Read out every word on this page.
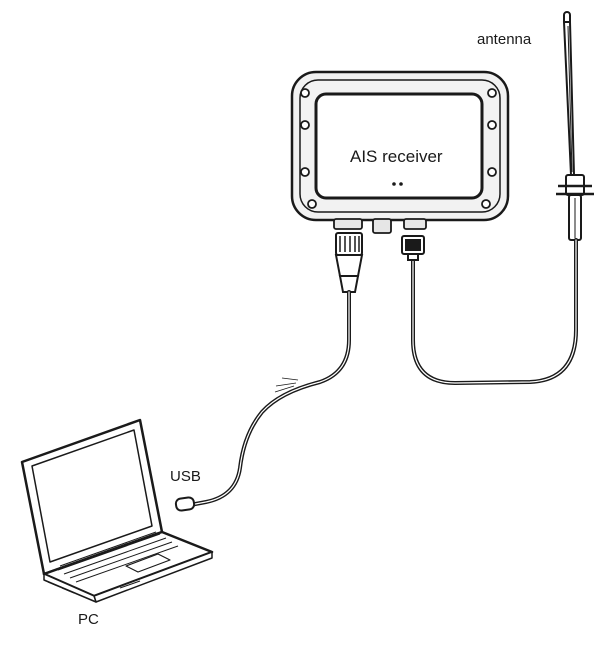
antenna
AIS receiver
USB
PC
